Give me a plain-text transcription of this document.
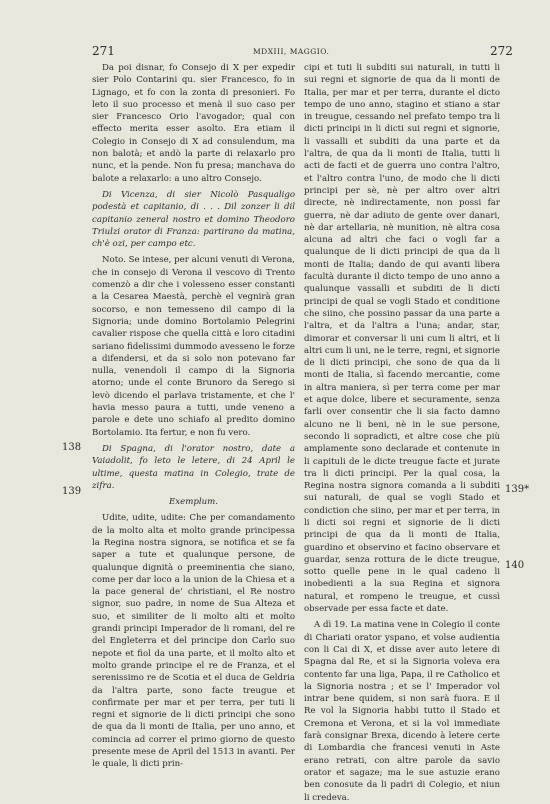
271	MDXIII, MAGGIO.	272
138
139	139*
140

Da poi disnar, fo Consejo di X per expedir sier Polo Contarini qu. sier Francesco, fo in Lignago, et fo con la zonta di presonieri. Fo leto il suo processo et menà il suo caso per sier Francesco Orio l'avogador; qual con effecto merita esser asolto. Era etiam il Colegio in Consejo di X ad consulendum, ma non balotà; et andò la parte di relaxarlo pro nunc, et la pende. Non fu presa; manchava do balote a relaxarlo: a uno altro Consejo.

Di Vicenza, di sier Nicolò Pasqualigo podestà et capitanio, di . . . Dil zonzer li dil capitanio zeneral nostro et domino Theodoro Triulzi orator di Franza: partirano da matina, ch'è ozi, per campo etc.

Noto. Se intese, per alcuni venuti di Verona, che in consejo di Verona il vescovo di Trento comenzò a dir che i volesseno esser constanti a la Cesarea Maestà, perchè el vegnirà gran socorso, e non temesseno dil campo di la Signoria; unde domino Bortolamio Pelegrini cavalier rispose che quella città e loro citadini sariano fidelissimi dummodo avesseno le forze a difendersi, et da si solo non potevano far nulla, venendoli il campo di la Signoria atorno; unde el conte Brunoro da Serego si levò dicendo el parlava tristamente, et che l' havia messo paura a tutti, unde veneno a parole e dete uno schiafo al predito domino Bortolamio. Ita fertur, e non fu vero.

Di Spagna, di l'orator nostro, date a Vaiadolit, fo leto le letere, di 24 April le ultime, questa matina in Colegio, trate de zifra.

Exemplum.

Udite, udite, udite: Che per comandamento de la molto alta et molto grande principessa la Regina nostra signora, se notifica et se fa saper a tute et qualunque persone, de qualunque dignità o preeminentia che siano, come per dar loco a la union de la Chiesa et a la pace general de' christiani, el Re nostro signor, suo padre, in nome de Sua Alteza et suo, et similiter de li molto alti et molto grandi principi Imperador de li romani, del re del Engleterra et del principe don Carlo suo nepote et fiol da una parte, et il molto alto et molto grande principe el re de Franza, et el serenissimo re de Scotia et el duca de Geldria da l'altra parte, sono facte treugue et confirmate per mar et per terra, per tuti li regni et signorie de li dicti principi che sono de qua da li monti de Italia, per uno anno, et comincia ad correr el primo giorno de questo presente mese de April del 1513 in avanti. Per le quale, li dicti prin-

cipi et tuti li subditi sui naturali, in tutti li sui regni et signorie de qua da li monti de Italia, per mar et per terra, durante el dicto tempo de uno anno, stagino et stiano a star in treugue, cessando nel prefato tempo tra li dicti principi in li dicti sui regni et signorie, li vassalli et subditi da una parte et da l'altra, de qua da li monti de Italia, tutti li acti de facti et de guerra uno contra l'altro, et l'altro contra l'uno, de modo che li dicti principi per sè, nè per altro over altri directe, nè indirectamente, non possi far guerra, nè dar adiuto de gente over danari, nè dar artellaria, nè munition, nè altra cosa alcuna ad altri che faci o vogli far a qualunque de li dicti principi de qua da li monti de Italia; dando de qui avanti libera facultà durante il dicto tempo de uno anno a qualunque vassalli et subditi de li dicti principi de qual se vogli Stado et conditione che siino, che possino passar da una parte a l'altra, et da l'altra a l'una; andar, star, dimorar et conversar li uni cum li altri, et li altri cum li uni, ne le terre, regni, et signorie de li dicti principi, che sono de qua da li monti de Italia, sì facendo mercantie, come in altra maniera, sì per terra come per mar et aque dolce, libere et securamente, senza farli over consentir che li sia facto damno alcuno ne li beni, nè in le sue persone, secondo li sopradicti, et altre cose che più amplamente sono declarade et contenute in li capituli de le dicte treugue facte et jurate tra li dicti principi. Per la qual cosa, la Regina nostra signora comanda a li subditi sui naturali, de qual se vogli Stado et condiction che siino, per mar et per terra, in li dicti soi regni et signorie de li dicti principi de qua da li monti de Italia, guardino et observino et facino observare et guardar, senza rottura de le dicte treugue, sotto quelle pene in le qual cadeno li inobedienti a la sua Regina et signora natural, et rompeno le treugue, et cussì observade per essa facte et date.

A dì 19. La matina vene in Colegio il conte di Chariati orator yspano, et volse audientia con li Cai di X, et disse aver auto letere di Spagna dal Re, et si la Signoria voleva era contento far una liga, Papa, il re Catholico et la Signoria nostra ; et se l' Imperador vol intrar bene quidem, si non sarà fuora. E il Re vol la Signoria habbi tutto il Stado et Cremona et Verona, et si la vol immediate farà consignar Brexa, dicendo à letere certe di Lombardia che francesi venuti in Aste erano retrati, con altre parole da savio orator et sagaze; ma le sue astuzie erano ben conosute da li padri di Colegio, et niun li credeva.
